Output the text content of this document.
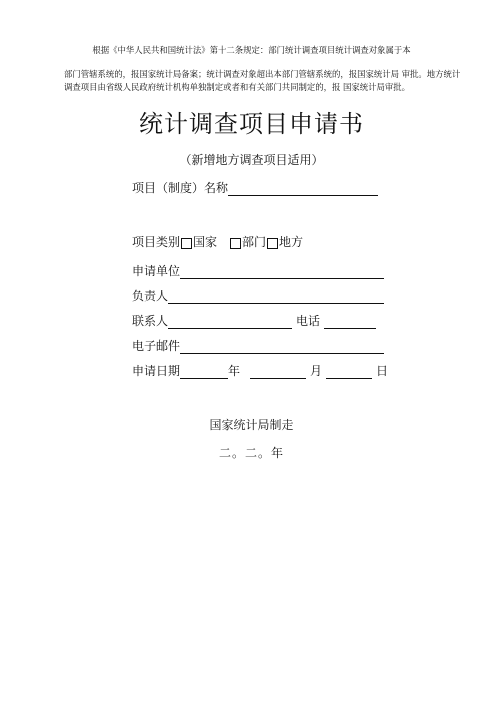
根据《中华人民共和国统计法》第十二条规定：部门统计调查项目统计调查对象属于本
部门管辖系统的，报国家统计局备案；统计调查对象超出本部门管辖系统的，报国家统计局 审批。地方统计调查项目由省级人民政府统计机构单独制定或者和有关部门共同制定的，报 国家统计局审批。
统计调查项目申请书
（新增地方调查项目适用）
项目（制度）名称
项目类别 国家 部门 地方
申请单位
负责人
联系人	电话
电子邮件
申请日期	年	月	日
国家统计局制走
二。二。年
